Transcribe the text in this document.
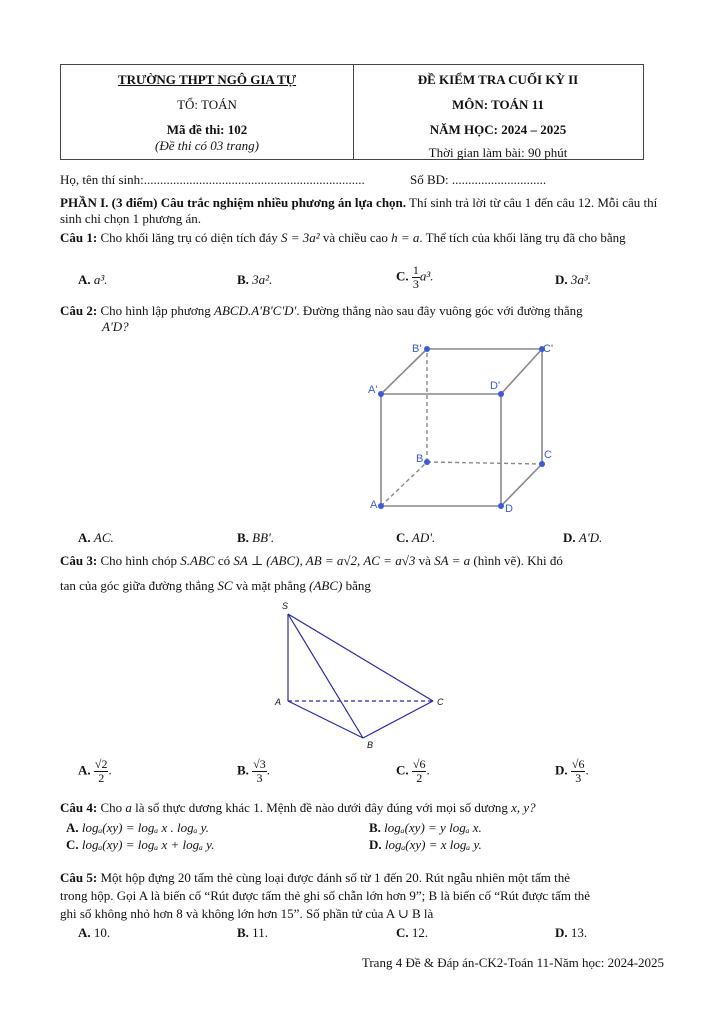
TRƯỜNG THPT NGÔ GIA TỰ
TỔ: TOÁN
Mã đề thi: 102
(Đề thi có 03 trang)
ĐỀ KIỂM TRA CUỐI KỲ II
MÔN: TOÁN 11
NĂM HỌC: 2024 – 2025
Thời gian làm bài: 90 phút
Họ, tên thí sinh:....................................................................	Số BD: .............................
PHẦN I. (3 điểm) Câu trắc nghiệm nhiều phương án lựa chọn. Thí sinh trả lời từ câu 1 đến câu 12. Mỗi câu thí sinh chỉ chọn 1 phương án.
Câu 1: Cho khối lăng trụ có diện tích đáy S = 3a² và chiều cao h = a. Thể tích của khối lăng trụ đã cho bằng
A. a³.	B. 3a².	C. $\frac{1}{3} a^3$.	D. 3a³.
Câu 2: Cho hình lập phương ABCD.A'B'C'D'. Đường thẳng nào sau đây vuông góc với đường thẳng
A'D?
A	D
C
B
A'	D'
B'	C'
A. AC.	B. BB'.	C. AD'.	D. A'D.
Câu 3: Cho hình chóp S.ABC có SA ⊥ (ABC), AB = a√2, AC = a√3 và SA = a (hình vẽ). Khi đó
tan của góc giữa đường thẳng SC và mặt phẳng (ABC) bằng
S
A
B
C
A. $\frac{√2}{2}$ .	B. $\frac{√3}{3}$ .	C. $\frac{√6}{2}$ .	D. $\frac{√6}{3}$ .
Câu 4: Cho a là số thực dương khác 1. Mệnh đề nào dưới đây đúng với mọi số dương x, y?
A. logₐ(xy) = logₐ x . logₐ y.	B. logₐ(xy) = y logₐ x.
C. logₐ(xy) = logₐ x + logₐ y.	D. logₐ(xy) = x logₐ y.
Câu 5: Một hộp đựng 20 tấm thẻ cùng loại được đánh số từ 1 đến 20. Rút ngẫu nhiên một tấm thẻ
trong hộp. Gọi A là biến cố “Rút được tấm thẻ ghi số chẵn lớn hơn 9”; B là biến cố “Rút được tấm thẻ
ghi số không nhỏ hơn 8 và không lớn hơn 15”. Số phần tử của A ∪ B là
A. 10.	B. 11.	C. 12.	D. 13.
Trang 4 Đề & Đáp án-CK2-Toán 11-Năm học: 2024-2025
